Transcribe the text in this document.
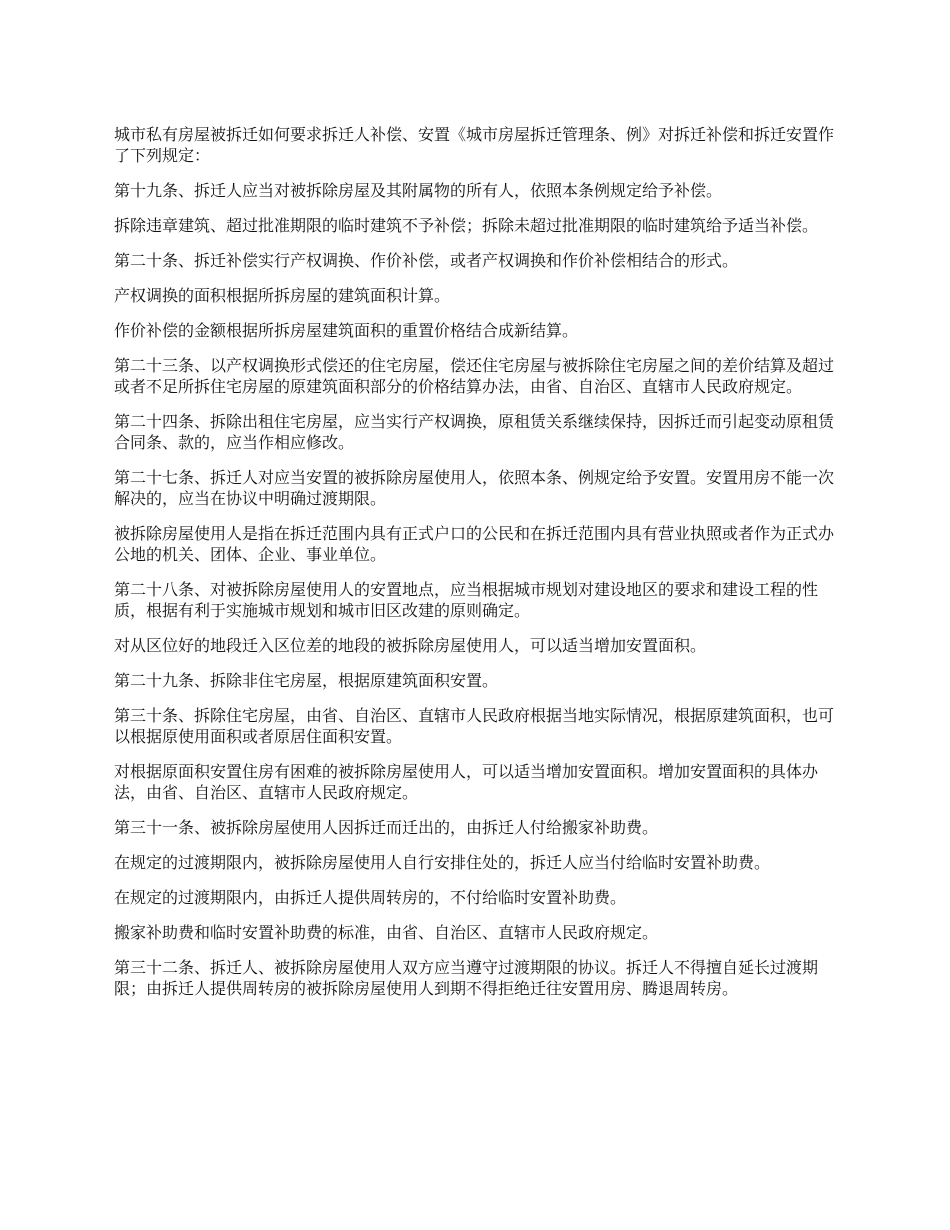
城市私有房屋被拆迁如何要求拆迁人补偿、安置《城市房屋拆迁管理条、例》对拆迁补偿和拆迁安置作了下列规定：

第十九条、拆迁人应当对被拆除房屋及其附属物的所有人，依照本条例规定给予补偿。

拆除违章建筑、超过批准期限的临时建筑不予补偿；拆除未超过批准期限的临时建筑给予适当补偿。

第二十条、拆迁补偿实行产权调换、作价补偿，或者产权调换和作价补偿相结合的形式。

产权调换的面积根据所拆房屋的建筑面积计算。

作价补偿的金额根据所拆房屋建筑面积的重置价格结合成新结算。

第二十三条、以产权调换形式偿还的住宅房屋，偿还住宅房屋与被拆除住宅房屋之间的差价结算及超过或者不足所拆住宅房屋的原建筑面积部分的价格结算办法，由省、自治区、直辖市人民政府规定。

第二十四条、拆除出租住宅房屋，应当实行产权调换，原租赁关系继续保持，因拆迁而引起变动原租赁合同条、款的，应当作相应修改。

第二十七条、拆迁人对应当安置的被拆除房屋使用人，依照本条、例规定给予安置。安置用房不能一次解决的，应当在协议中明确过渡期限。

被拆除房屋使用人是指在拆迁范围内具有正式户口的公民和在拆迁范围内具有营业执照或者作为正式办公地的机关、团体、企业、事业单位。

第二十八条、对被拆除房屋使用人的安置地点，应当根据城市规划对建设地区的要求和建设工程的性质，根据有利于实施城市规划和城市旧区改建的原则确定。

对从区位好的地段迁入区位差的地段的被拆除房屋使用人，可以适当增加安置面积。

第二十九条、拆除非住宅房屋，根据原建筑面积安置。

第三十条、拆除住宅房屋，由省、自治区、直辖市人民政府根据当地实际情况，根据原建筑面积，也可以根据原使用面积或者原居住面积安置。

对根据原面积安置住房有困难的被拆除房屋使用人，可以适当增加安置面积。增加安置面积的具体办法，由省、自治区、直辖市人民政府规定。

第三十一条、被拆除房屋使用人因拆迁而迁出的，由拆迁人付给搬家补助费。

在规定的过渡期限内，被拆除房屋使用人自行安排住处的，拆迁人应当付给临时安置补助费。

在规定的过渡期限内，由拆迁人提供周转房的，不付给临时安置补助费。

搬家补助费和临时安置补助费的标准，由省、自治区、直辖市人民政府规定。

第三十二条、拆迁人、被拆除房屋使用人双方应当遵守过渡期限的协议。拆迁人不得擅自延长过渡期限；由拆迁人提供周转房的被拆除房屋使用人到期不得拒绝迁往安置用房、腾退周转房。
